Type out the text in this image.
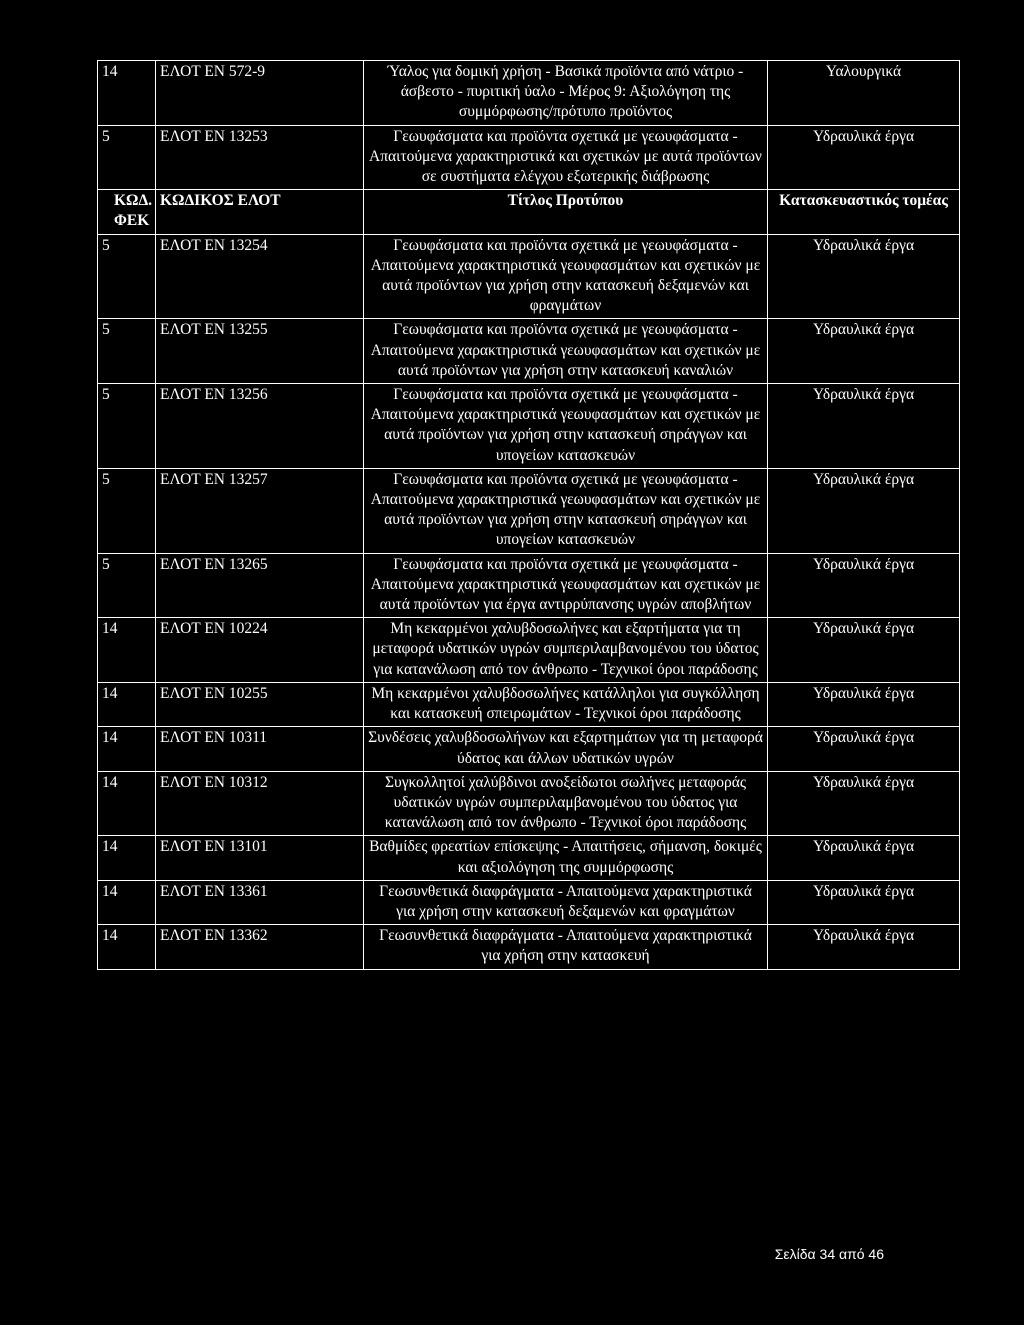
14	ΕΛΟΤ ΕΝ 572-9	Ύαλος για δομική χρήση - Βασικά προϊόντα από νάτριο - άσβεστο - πυριτική ύαλο - Μέρος 9: Αξιολόγηση της συμμόρφωσης/πρότυπο προϊόντος	Υαλουργικά
5	ΕΛΟΤ ΕΝ 13253	Γεωυφάσματα και προϊόντα σχετικά με γεωυφάσματα - Απαιτούμενα χαρακτηριστικά και σχετικών με αυτά προϊόντων σε συστήματα ελέγχου εξωτερικής διάβρωσης	Υδραυλικά έργα
ΚΩΔ. ΦΕΚ	ΚΩΔΙΚΟΣ ΕΛΟΤ	Τίτλος Προτύπου	Κατασκευαστικός τομέας
5	ΕΛΟΤ ΕΝ 13254	Γεωυφάσματα και προϊόντα σχετικά με γεωυφάσματα - Απαιτούμενα χαρακτηριστικά γεωυφασμάτων και σχετικών με αυτά προϊόντων για χρήση στην κατασκευή δεξαμενών και φραγμάτων	Υδραυλικά έργα
5	ΕΛΟΤ ΕΝ 13255	Γεωυφάσματα και προϊόντα σχετικά με γεωυφάσματα - Απαιτούμενα χαρακτηριστικά γεωυφασμάτων και σχετικών με αυτά προϊόντων για χρήση στην κατασκευή καναλιών	Υδραυλικά έργα
5	ΕΛΟΤ ΕΝ 13256	Γεωυφάσματα και προϊόντα σχετικά με γεωυφάσματα - Απαιτούμενα χαρακτηριστικά γεωυφασμάτων και σχετικών με αυτά προϊόντων για χρήση στην κατασκευή σηράγγων και υπογείων κατασκευών	Υδραυλικά έργα
5	ΕΛΟΤ ΕΝ 13257	Γεωυφάσματα και προϊόντα σχετικά με γεωυφάσματα - Απαιτούμενα χαρακτηριστικά γεωυφασμάτων και σχετικών με αυτά προϊόντων για χρήση στην κατασκευή σηράγγων και υπογείων κατασκευών	Υδραυλικά έργα
5	ΕΛΟΤ ΕΝ 13265	Γεωυφάσματα και προϊόντα σχετικά με γεωυφάσματα - Απαιτούμενα χαρακτηριστικά γεωυφασμάτων και σχετικών με αυτά προϊόντων για έργα αντιρρύπανσης υγρών αποβλήτων	Υδραυλικά έργα
14	ΕΛΟΤ ΕΝ 10224	Μη κεκαρμένοι χαλυβδοσωλήνες και εξαρτήματα για τη μεταφορά υδατικών υγρών συμπεριλαμβανομένου του ύδατος για κατανάλωση από τον άνθρωπο - Τεχνικοί όροι παράδοσης	Υδραυλικά έργα
14	ΕΛΟΤ ΕΝ 10255	Μη κεκαρμένοι χαλυβδοσωλήνες κατάλληλοι για συγκόλληση και κατασκευή σπειρωμάτων - Τεχνικοί όροι παράδοσης	Υδραυλικά έργα
14	ΕΛΟΤ ΕΝ 10311	Συνδέσεις χαλυβδοσωλήνων και εξαρτημάτων για τη μεταφορά ύδατος και άλλων υδατικών υγρών	Υδραυλικά έργα
14	ΕΛΟΤ ΕΝ 10312	Συγκολλητοί χαλύβδινοι ανοξείδωτοι σωλήνες μεταφοράς υδατικών υγρών συμπεριλαμβανομένου του ύδατος για κατανάλωση από τον άνθρωπο - Τεχνικοί όροι παράδοσης	Υδραυλικά έργα
14	ΕΛΟΤ ΕΝ 13101	Βαθμίδες φρεατίων επίσκεψης - Απαιτήσεις, σήμανση, δοκιμές και αξιολόγηση της συμμόρφωσης	Υδραυλικά έργα
14	ΕΛΟΤ ΕΝ 13361	Γεωσυνθετικά διαφράγματα - Απαιτούμενα χαρακτηριστικά για χρήση στην κατασκευή δεξαμενών και φραγμάτων	Υδραυλικά έργα
14	ΕΛΟΤ ΕΝ 13362	Γεωσυνθετικά διαφράγματα - Απαιτούμενα χαρακτηριστικά για χρήση στην κατασκευή	Υδραυλικά έργα
Σελίδα 34 από 46
